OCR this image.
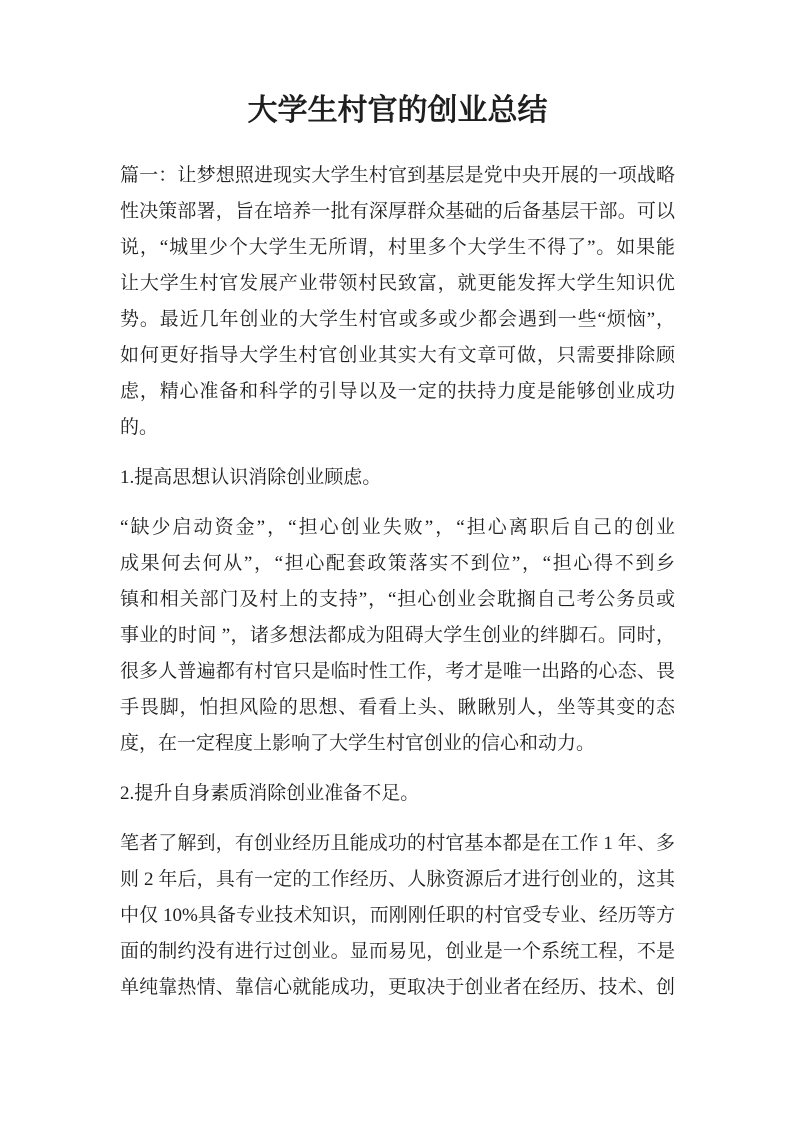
大学生村官的创业总结
篇一：让梦想照进现实大学生村官到基层是党中央开展的一项战略
性决策部署，旨在培养一批有深厚群众基础的后备基层干部。可以
说，“城里少个大学生无所谓，村里多个大学生不得了”。如果能
让大学生村官发展产业带领村民致富，就更能发挥大学生知识优
势。最近几年创业的大学生村官或多或少都会遇到一些“烦恼”，
如何更好指导大学生村官创业其实大有文章可做，只需要排除顾
虑，精心准备和科学的引导以及一定的扶持力度是能够创业成功
的。
1.提高思想认识消除创业顾虑。
“缺少启动资金”，“担心创业失败”，“担心离职后自己的创业
成果何去何从”，“担心配套政策落实不到位”，“担心得不到乡
镇和相关部门及村上的支持”，“担心创业会耽搁自己考公务员或
事业的时间 ”，诸多想法都成为阻碍大学生创业的绊脚石。同时，
很多人普遍都有村官只是临时性工作，考才是唯一出路的心态、畏
手畏脚，怕担风险的思想、看看上头、瞅瞅别人，坐等其变的态
度，在一定程度上影响了大学生村官创业的信心和动力。
2.提升自身素质消除创业准备不足。
笔者了解到，有创业经历且能成功的村官基本都是在工作 1 年、多
则 2 年后，具有一定的工作经历、人脉资源后才进行创业的，这其
中仅 10%具备专业技术知识，而刚刚任职的村官受专业、经历等方
面的制约没有进行过创业。显而易见，创业是一个系统工程，不是
单纯靠热情、靠信心就能成功，更取决于创业者在经历、技术、创
